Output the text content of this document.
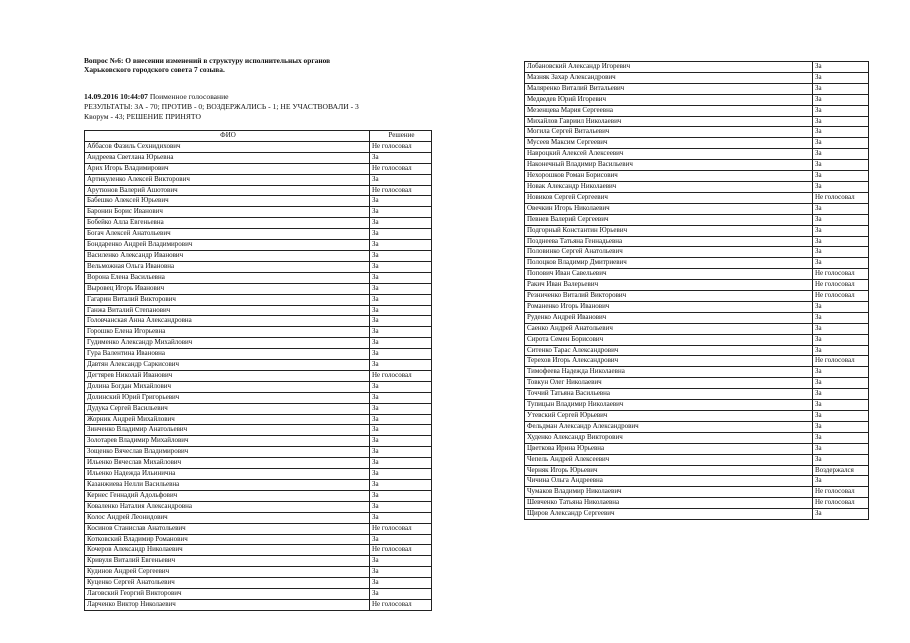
Вопрос №6: О внесении изменений в структуру исполнительных органов

Харьковского городского совета 7 созыва.

14.09.2016 10:44:07 Поименное голосование
РЕЗУЛЬТАТЫ: ЗА - 70; ПРОТИВ - 0; ВОЗДЕРЖАЛИСЬ - 1; НЕ УЧАСТВОВАЛИ - 3
Кворум - 43; РЕШЕНИЕ ПРИНЯТО
ФИО	Решение
Аббасов Фазиль Сехнидихович	Не голосовал
Андреева Светлана Юрьевна	За
Арих Игорь Владимирович	Не голосовал
Артикуленко Алексей Викторович	За
Арутюнов Валерий Ашотович	Не голосовал
Бабешко Алексей Юрьевич	За
Баронин Борис Иванович	За
Бобейко Алла Евгеньевна	За
Богач Алексей Анатольевич	За
Бондаренко Андрей Владимирович	За
Василенко Александр Иванович	За
Вельможная Ольга Ивановна	За
Ворона Елена Васильевна	За
Выровец Игорь Иванович	За
Гагарин Виталий Викторович	За
Ганжа Виталий Степанович	За
Головчанская Анна Александровна	За
Горошко Елена Игорьевна	За
Гудименко Александр Михайлович	За
Гура Валентина Ивановна	За
Давтян Александр Саркисович	За
Дегтярев Николай Иванович	Не голосовал
Долина Богдан Михайлович	За
Долинский Юрий Григорьевич	За
Дудука Сергей Васильевич	За
Жорник Андрей Михайлович	За
Зинченко Владимир Анатольевич	За
Золотарев Владимир Михайлович	За
Зощенко Вячеслав Владимирович	За
Ильенко Вячеслав Михайлович	За
Ильенко Надежда Ильинична	За
Казанжиева Нелли Васильевна	За
Кернес Геннадий Адольфович	За
Коваленко Наталия Александровна	За
Колос Андрей Леонидович	За
Косинов Станислав Анатольевич	Не голосовал
Котковский Владимир Романович	За
Кочеров Александр Николаевич	Не голосовал
Кривуля Виталий Евгеньевич	За
Кудинов Андрей Сергеевич	За
Куценко Сергей Анатольевич	За
Лаговский Георгий Викторович	За
Ларченко Виктор Николаевич	Не голосовал
Лобановский Александр Игоревич	За
Мазняк Захар Александрович	За
Маляренко Виталий Витальевич	За
Медведев Юрий Игоревич	За
Мезенцева Мария Сергеевна	За
Михайлов Гавриил Николаевич	За
Могила Сергей Витальевич	За
Мусеев Максим Сергеевич	За
Навроцкий Алексей Алексеевич	За
Наконечный Владимир Васильевич	За
Нехорошков Роман Борисович	За
Новак Александр Николаевич	За
Новиков Сергей Сергеевич	Не голосовал
Овечкин Игорь Николаевич	За
Певнев Валерий Сергеевич	За
Подгорный Константин Юрьевич	За
Позднеева Татьяна Геннадьевна	За
Половинко Сергей Анатольевич	За
Полоцков Владимир Дмитриевич	За
Попович Иван Савельевич	Не голосовал
Ракич Иван Валерьевич	Не голосовал
Резниченко Виталий Викторович	Не голосовал
Романенко Игорь Иванович	За
Руденко Андрей Иванович	За
Саенко Андрей Анатольевич	За
Сирота Семен Борисович	За
Ситенко Тарас Александрович	За
Терехов Игорь Александрович	Не голосовал
Тимофеева Надежда Николаевна	За
Товкун Олег Николаевич	За
Точчий Татьяна Васильевна	За
Тупицын Владимир Николаевич	За
Утевский Сергей Юрьевич	За
Фельдман Александр Александрович	За
Худенко Александр Викторович	За
Цветкова Ирина Юрьевна	За
Чепель Андрей Алексеевич	За
Черняк Игорь Юрьевич	Воздержался
Чичина Ольга Андреевна	За
Чумаков Владимир Николаевич	Не голосовал
Шевченко Татьяна Николаевна	Не голосовал
Щиров Александр Сергеевич	За
